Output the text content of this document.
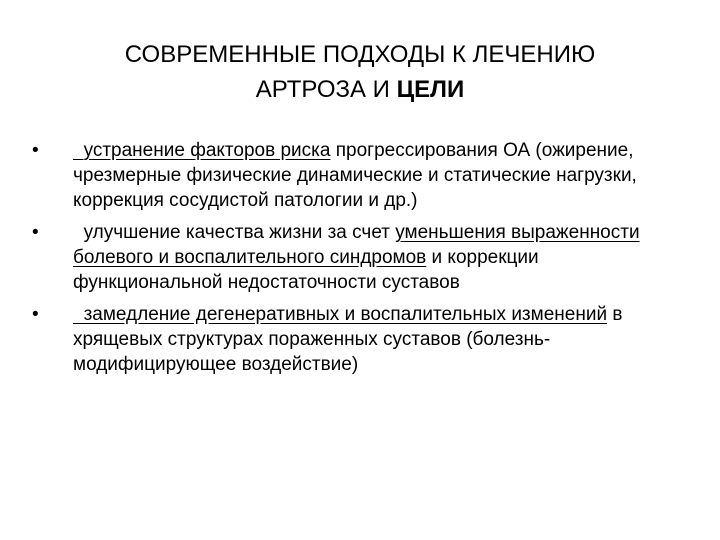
СОВРЕМЕННЫЕ ПОДХОДЫ К ЛЕЧЕНИЮ
АРТРОЗА И ЦЕЛИ
• устранение факторов риска прогрессирования ОА (ожирение, чрезмерные физические динамические и статические нагрузки, коррекция сосудистой патологии и др.)
• улучшение качества жизни за счет уменьшения выраженности болевого и воспалительного синдромов и коррекции функциональной недостаточности суставов
• замедление дегенеративных и воспалительных изменений в хрящевых структурах пораженных суставов (болезнь-модифицирующее воздействие)
